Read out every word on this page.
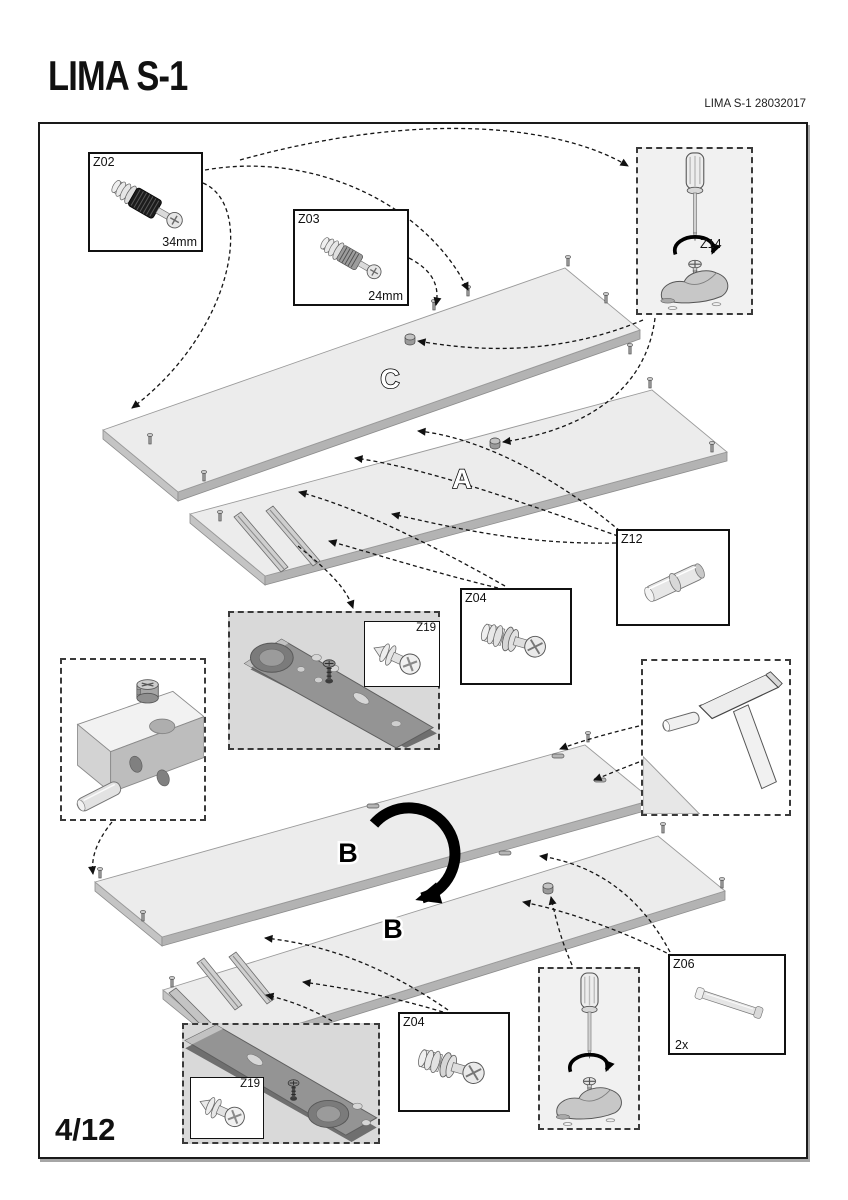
LIMA S-1
LIMA S-1 28032017
C
A
B
B
Z02
34mm
Z03
24mm
Z14
Z12
Z04
Z19
Z06
2x
Z04
Z19
4/12
